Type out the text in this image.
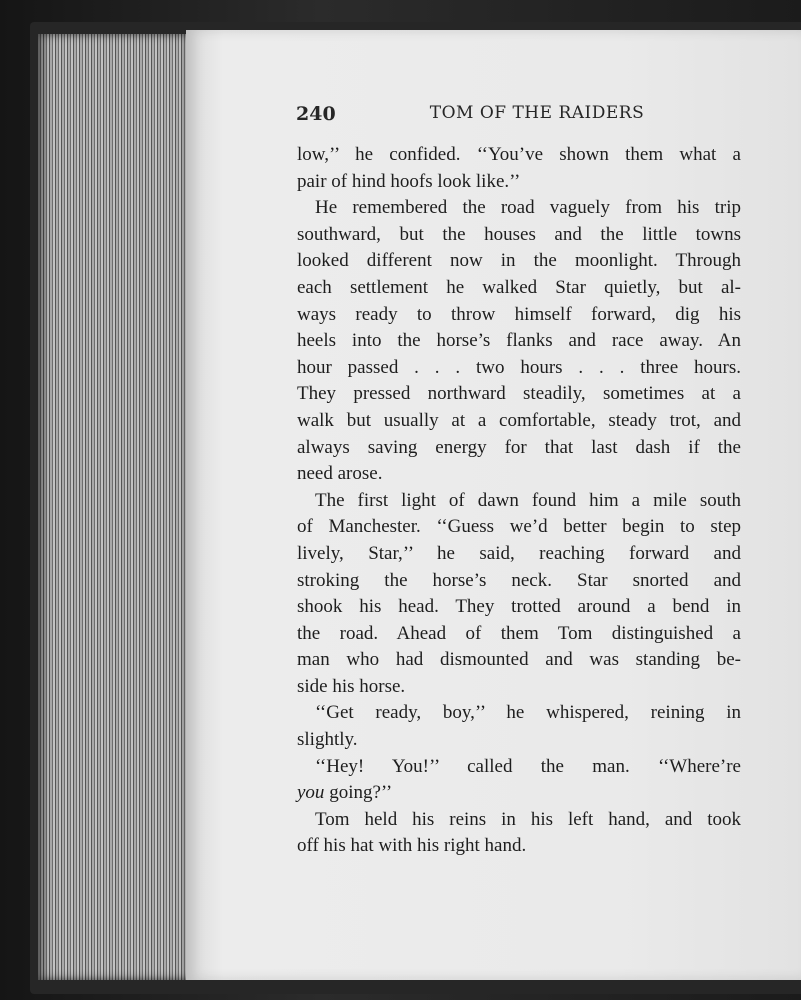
240	TOM OF THE RAIDERS
low,’’ he confided. ‘‘You’ve shown them what a
pair of hind hoofs look like.’’
He remembered the road vaguely from his trip
southward, but the houses and the little towns
looked different now in the moonlight. Through
each settlement he walked Star quietly, but al-
ways ready to throw himself forward, dig his
heels into the horse’s flanks and race away. An
hour passed . . . two hours . . . three hours.
They pressed northward steadily, sometimes at a
walk but usually at a comfortable, steady trot, and
always saving energy for that last dash if the
need arose.
The first light of dawn found him a mile south
of Manchester. ‘‘Guess we’d better begin to step
lively, Star,’’ he said, reaching forward and
stroking the horse’s neck. Star snorted and
shook his head. They trotted around a bend in
the road. Ahead of them Tom distinguished a
man who had dismounted and was standing be-
side his horse.
‘‘Get ready, boy,’’ he whispered, reining in
slightly.
‘‘Hey! You!’’ called the man. ‘‘Where’re
you going?’’
Tom held his reins in his left hand, and took
off his hat with his right hand.
